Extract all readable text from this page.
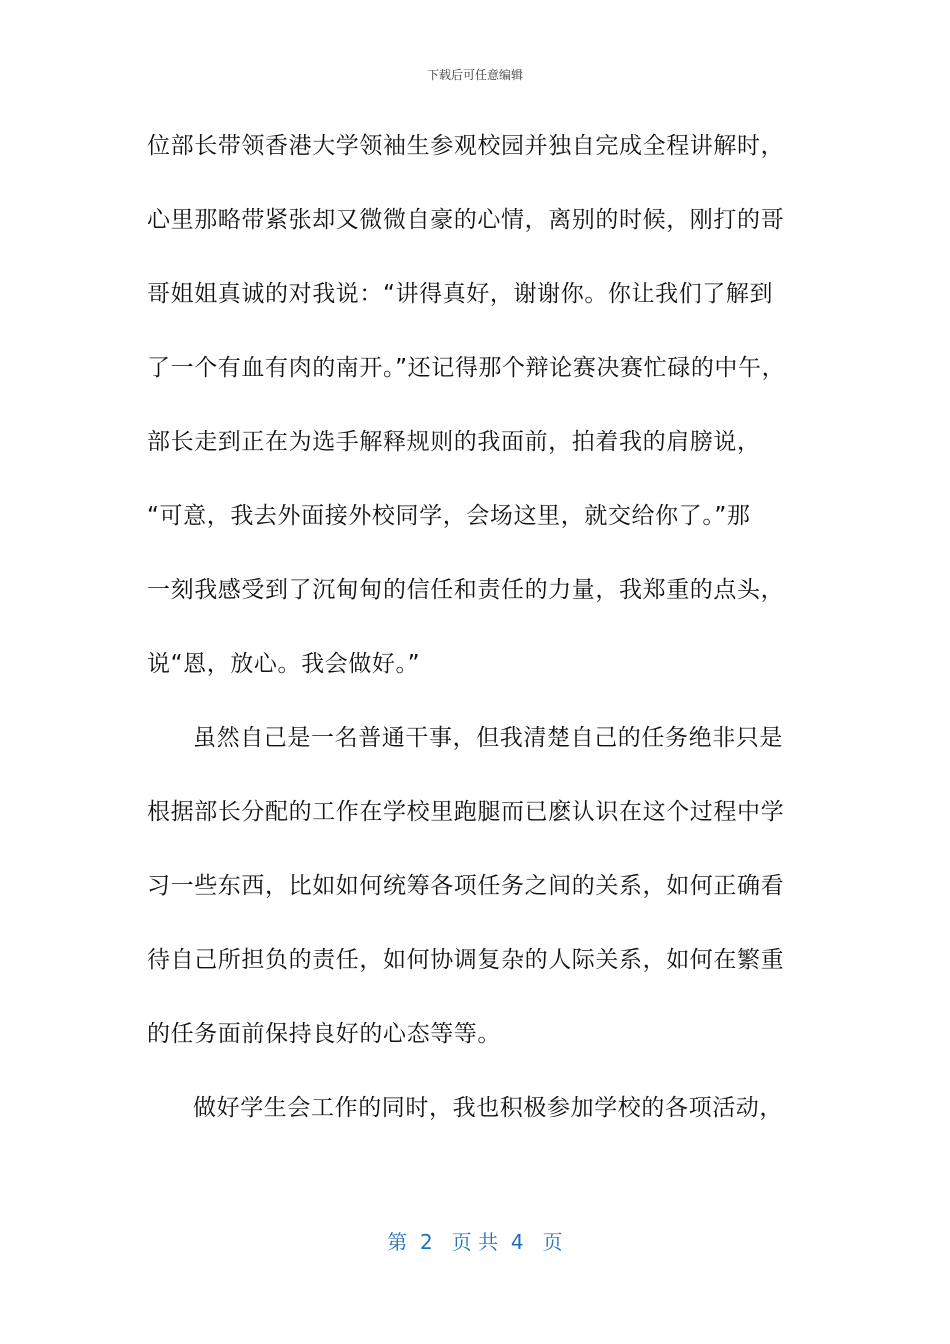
下载后可任意编辑
位部长带领香港大学领袖生参观校园并独自完成全程讲解时，
心里那略带紧张却又微微自豪的心情，离别的时候，刚打的哥
哥姐姐真诚的对我说：“讲得真好，谢谢你。你让我们了解到
了一个有血有肉的南开。”还记得那个辩论赛决赛忙碌的中午，
部长走到正在为选手解释规则的我面前，拍着我的肩膀说，
“可意，我去外面接外校同学，会场这里，就交给你了。”那
一刻我感受到了沉甸甸的信任和责任的力量，我郑重的点头，
说“恩，放心。我会做好。”
虽然自己是一名普通干事，但我清楚自己的任务绝非只是
根据部长分配的工作在学校里跑腿而已麽认识在这个过程中学
习一些东西，比如如何统筹各项任务之间的关系，如何正确看
待自己所担负的责任，如何协调复杂的人际关系，如何在繁重
的任务面前保持良好的心态等等。
做好学生会工作的同时，我也积极参加学校的各项活动，
第  2   页 共  4   页
